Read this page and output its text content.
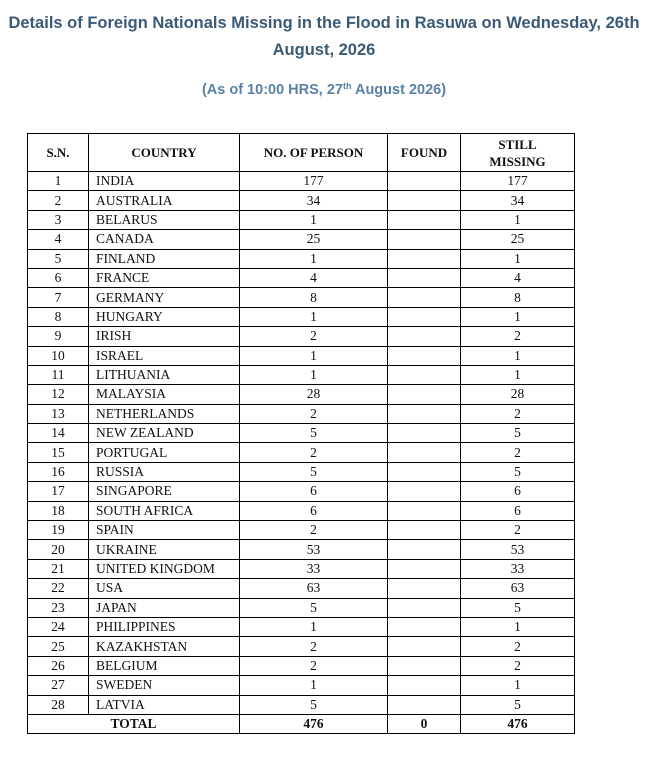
Details of Foreign Nationals Missing in the Flood in Rasuwa on Wednesday, 26th
August, 2026
(As of 10:00 HRS, 27th August 2026)
S.N.	COUNTRY	NO. OF PERSON	FOUND	STILL
MISSING
1	INDIA	177		177
2	AUSTRALIA	34		34
3	BELARUS	1		1
4	CANADA	25		25
5	FINLAND	1		1
6	FRANCE	4		4
7	GERMANY	8		8
8	HUNGARY	1		1
9	IRISH	2		2
10	ISRAEL	1		1
11	LITHUANIA	1		1
12	MALAYSIA	28		28
13	NETHERLANDS	2		2
14	NEW ZEALAND	5		5
15	PORTUGAL	2		2
16	RUSSIA	5		5
17	SINGAPORE	6		6
18	SOUTH AFRICA	6		6
19	SPAIN	2		2
20	UKRAINE	53		53
21	UNITED KINGDOM	33		33
22	USA	63		63
23	JAPAN	5		5
24	PHILIPPINES	1		1
25	KAZAKHSTAN	2		2
26	BELGIUM	2		2
27	SWEDEN	1		1
28	LATVIA	5		5
TOTAL		476	0	476
